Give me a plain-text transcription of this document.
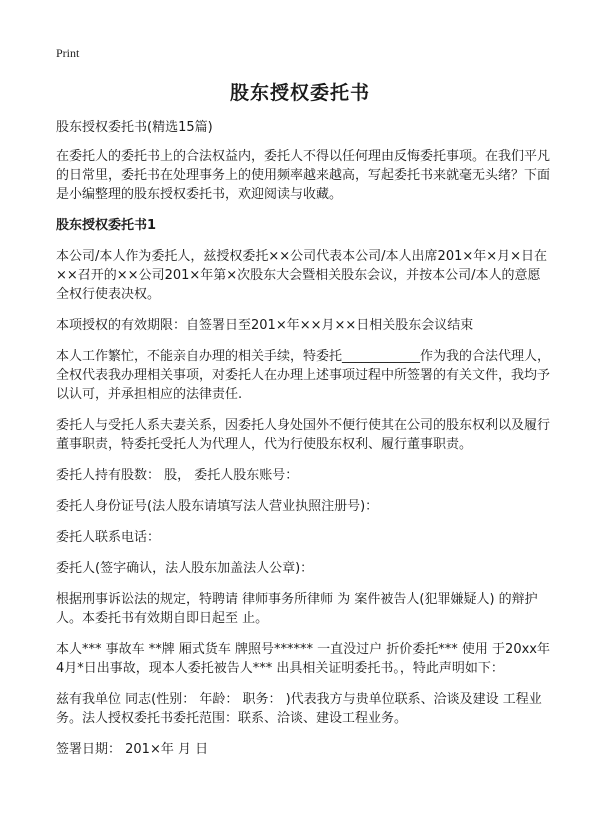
Print
股东授权委托书

股东授权委托书(精选15篇)

在委托人的委托书上的合法权益内，委托人不得以任何理由反悔委托事项。在我们平凡的日常里，委托书在处理事务上的使用频率越来越高，写起委托书来就毫无头绪？下面是小编整理的股东授权委托书，欢迎阅读与收藏。

股东授权委托书1

本公司/本人作为委托人，兹授权委托××公司代表本公司/本人出席201×年×月×日在××召开的××公司201×年第×次股东大会暨相关股东会议，并按本公司/本人的意愿全权行使表决权。

本项授权的有效期限：自签署日至201×年××月××日相关股东会议结束

本人工作繁忙，不能亲自办理的相关手续，特委托____________作为我的合法代理人，全权代表我办理相关事项，对委托人在办理上述事项过程中所签署的有关文件，我均予以认可，并承担相应的法律责任.

委托人与受托人系夫妻关系，因委托人身处国外不便行使其在公司的股东权利以及履行董事职责，特委托受托人为代理人，代为行使股东权利、履行董事职责。

委托人持有股数： 股， 委托人股东账号：

委托人身份证号(法人股东请填写法人营业执照注册号)：

委托人联系电话：

委托人(签字确认，法人股东加盖法人公章)：

根据刑事诉讼法的规定，特聘请 律师事务所律师 为 案件被告人(犯罪嫌疑人) 的辩护人。本委托书有效期自即日起至 止。

本人*** 事故车 **牌 厢式货车 牌照号****** 一直没过户 折价委托*** 使用 于20xx年4月*日出事故，现本人委托被告人*** 出具相关证明委托书。，特此声明如下：

兹有我单位 同志(性别： 年龄： 职务： )代表我方与贵单位联系、洽谈及建设 工程业务。法人授权委托书委托范围：联系、洽谈、建设工程业务。

签署日期： 201×年 月 日
